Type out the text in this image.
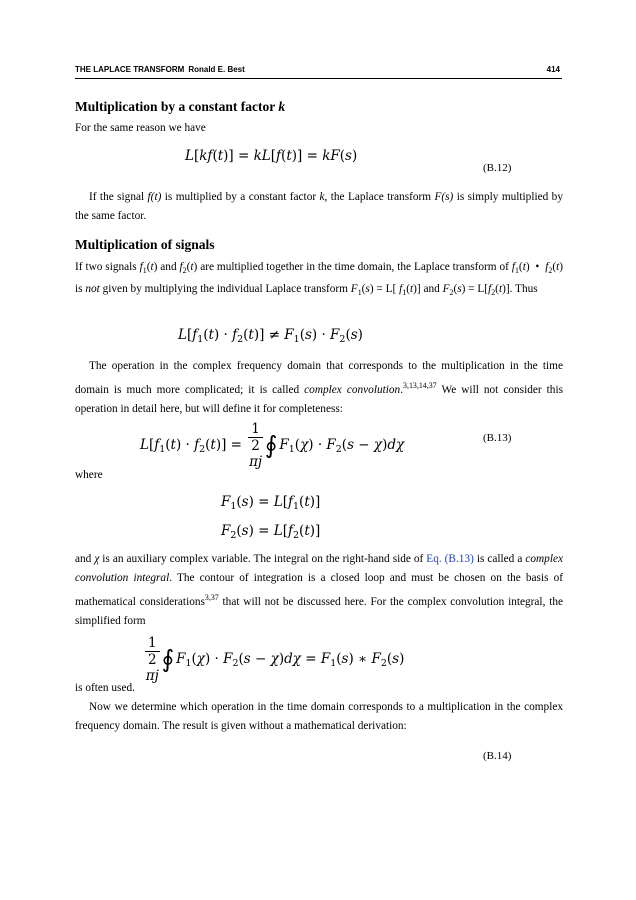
THE LAPLACE TRANSFORM Ronald E. Best	414
Multiplication by a constant factor k
For the same reason we have
L[kf(t)] = kL[f(t)] = kF(s)
(B.12)
If the signal f(t) is multiplied by a constant factor k, the Laplace transform F(s) is simply multiplied by the same factor.
Multiplication of signals
If two signals $f_1(t)$ and $f_2(t)$ are multiplied together in the time domain, the Laplace transform of $f_1(t)$  •  $f_2(t)$ is not given by multiplying the individual Laplace transform $F_1(s) = L$[ $f_1(t)$] and $F_2(s) = L[f_2(t)]$. Thus
$L[f_1(t) \cdot f_2(t)] \ne F_1(s) \cdot F_2(s)$
The operation in the complex frequency domain that corresponds to the multiplication in the time domain is much more complicated; it is called complex convolution.$^{3,13,14,37}$ We will not consider this operation in detail here, but will define it for completeness:
$L[f_1(t) \cdot f_2(t)] = 1$
2
πj ∮ $F_1(\chi) \cdot F_2(s - \chi)d\chi$	(B.13)
where
$F_1(s) = L[f_1(t)]$
$F_2(s) = L[f_2(t)]$
and χ is an auxiliary complex variable. The integral on the right-hand side of Eq. (B.13) is called a complex convolution integral. The contour of integration is a closed loop and must be chosen on the basis of mathematical considerations$^{3,37}$ that will not be discussed here. For the complex convolution integral, the simplified form
1
2
πj ∮ $F_1(\chi) \cdot F_2(s - \chi)d\chi = F_1(s)$ ∗ $F_2(s)$
is often used.
Now we determine which operation in the time domain corresponds to a multiplication in the complex frequency domain. The result is given without a mathematical derivation:
(B.14)
